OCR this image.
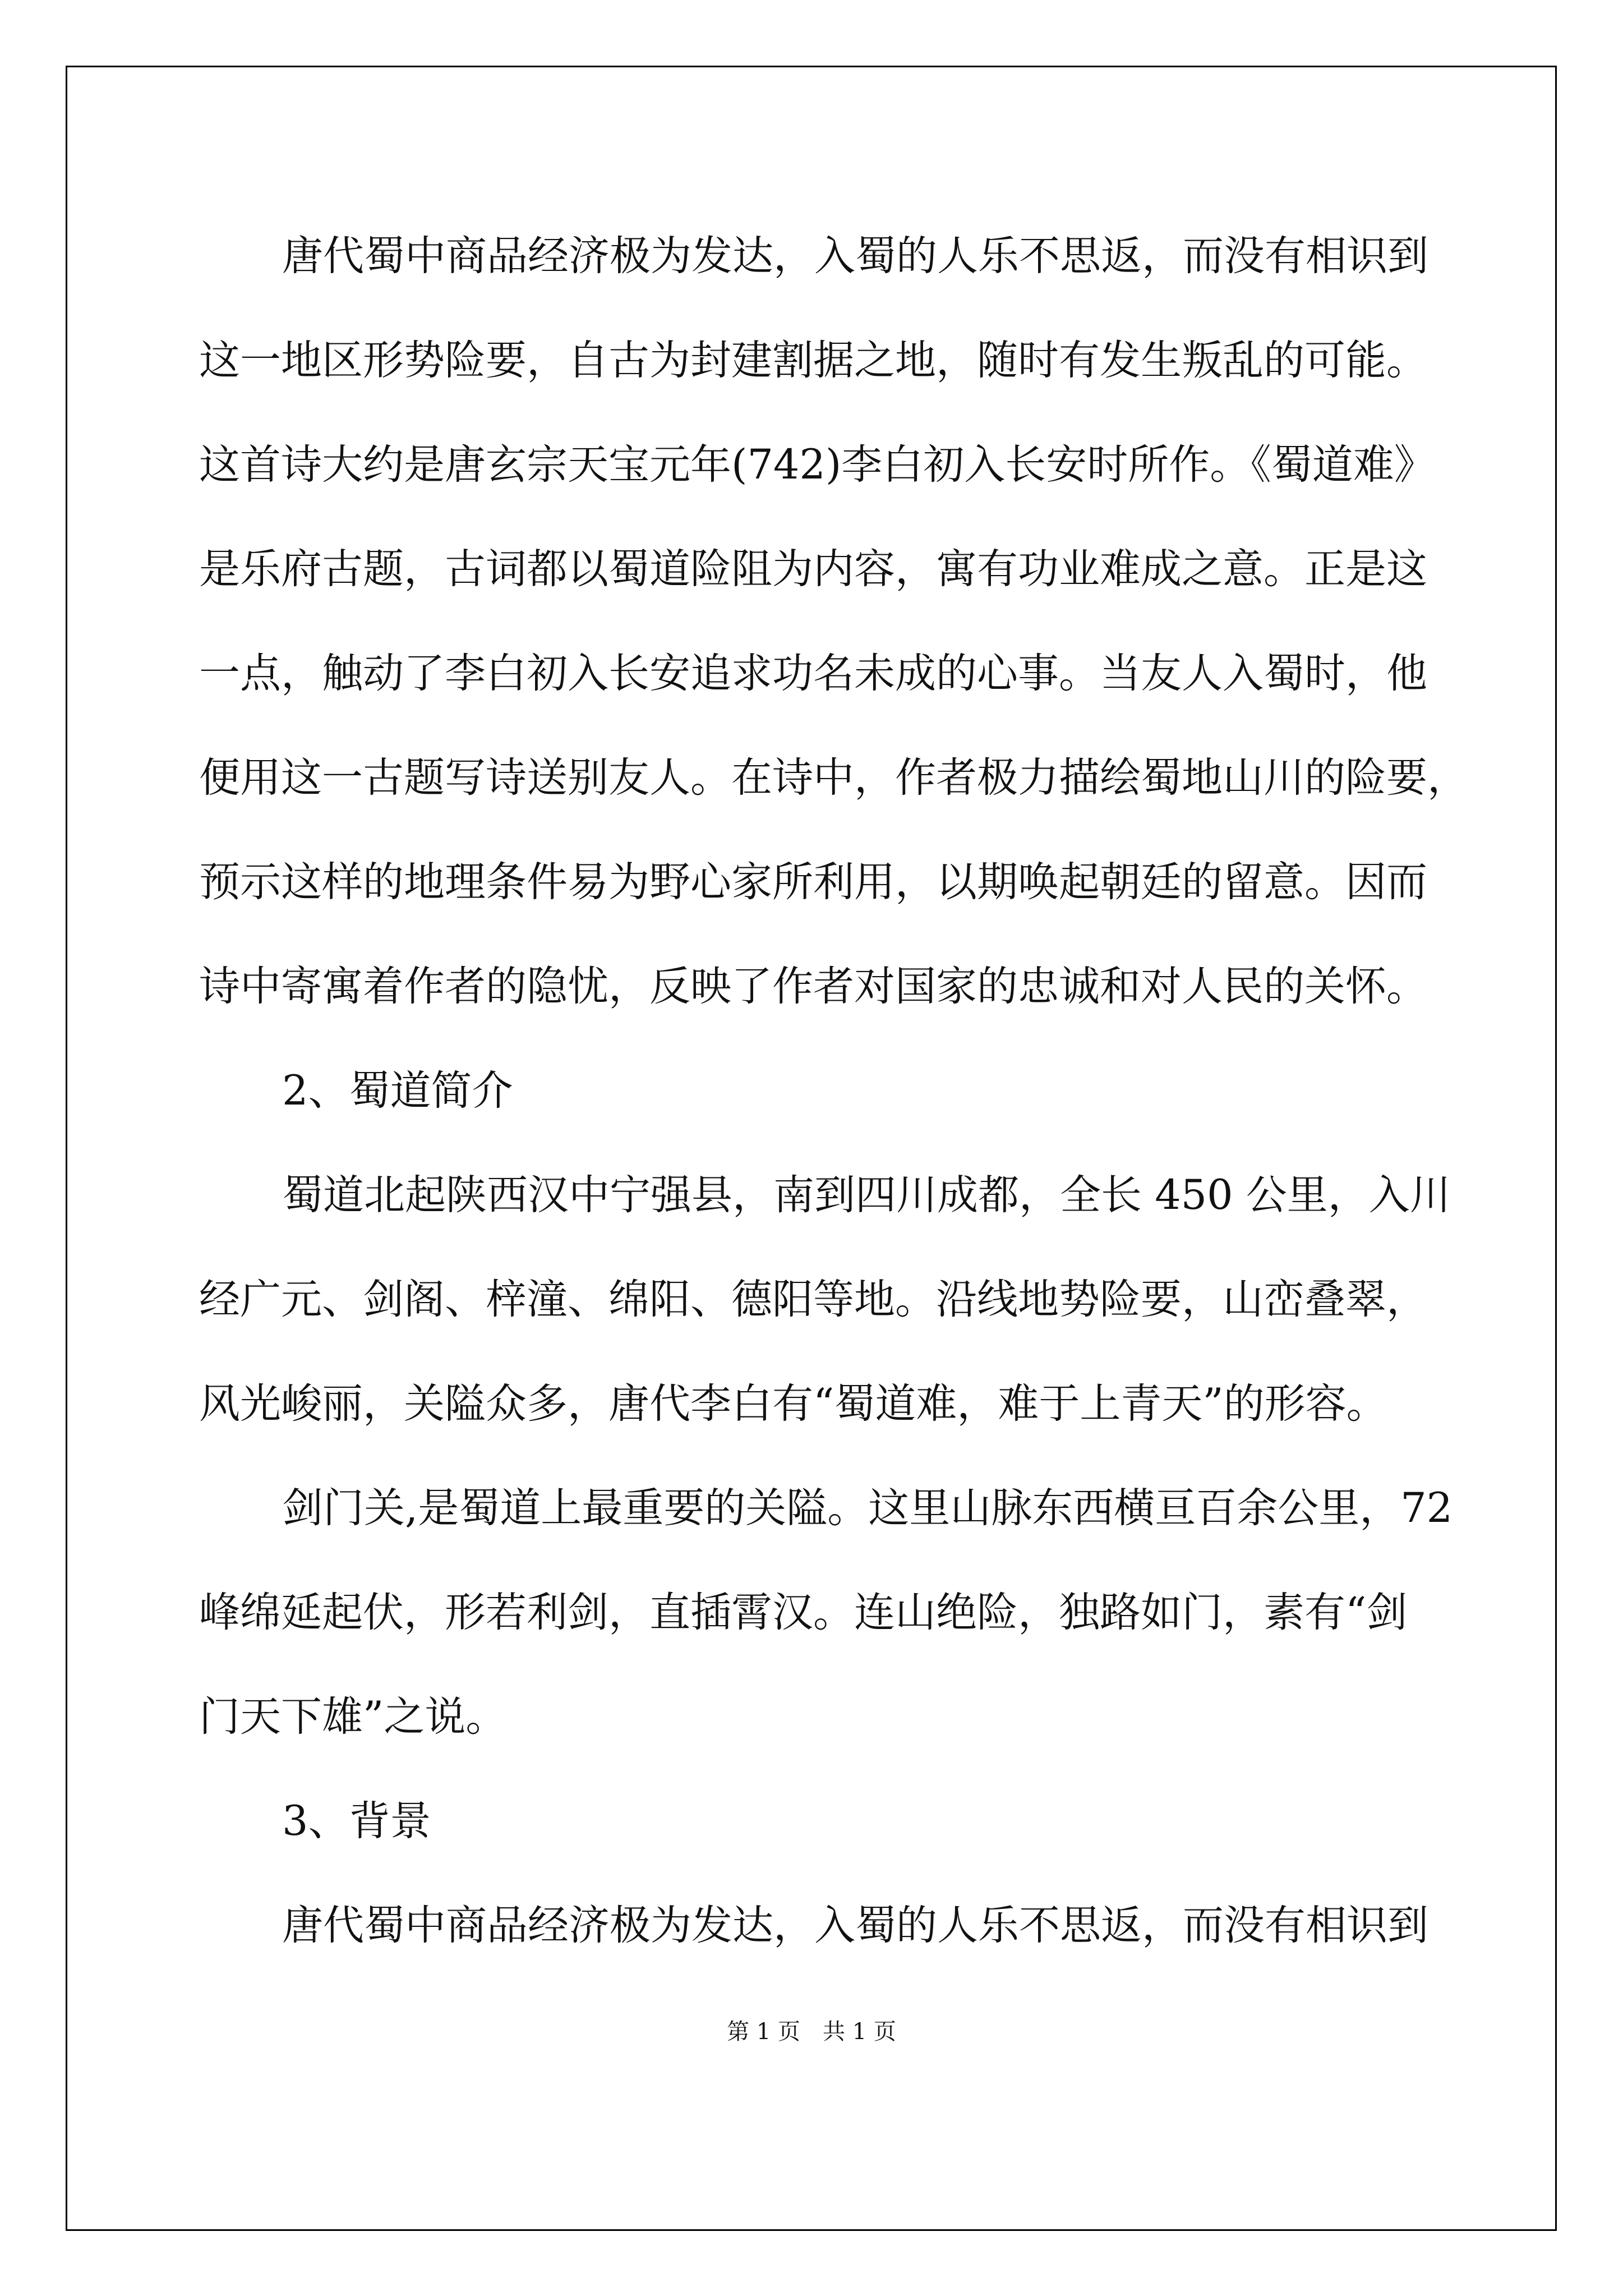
唐代蜀中商品经济极为发达，入蜀的人乐不思返，而没有相识到
这一地区形势险要，自古为封建割据之地，随时有发生叛乱的可能。
这首诗大约是唐玄宗天宝元年(742)李白初入长安时所作。《蜀道难》
是乐府古题，古词都以蜀道险阻为内容，寓有功业难成之意。正是这
一点，触动了李白初入长安追求功名未成的心事。当友人入蜀时，他
便用这一古题写诗送别友人。在诗中，作者极力描绘蜀地山川的险要，
预示这样的地理条件易为野心家所利用，以期唤起朝廷的留意。因而
诗中寄寓着作者的隐忧，反映了作者对国家的忠诚和对人民的关怀。

2、蜀道简介

蜀道北起陕西汉中宁强县，南到四川成都，全长 450 公里，入川
经广元、剑阁、梓潼、绵阳、德阳等地。沿线地势险要，山峦叠翠，
风光峻丽，关隘众多，唐代李白有“蜀道难，难于上青天”的形容。

剑门关,是蜀道上最重要的关隘。这里山脉东西横亘百余公里，72
峰绵延起伏，形若利剑，直插霄汉。连山绝险，独路如门，素有“剑
门天下雄”之说。

3、背景

唐代蜀中商品经济极为发达，入蜀的人乐不思返，而没有相识到

第 1 页 共 1 页
